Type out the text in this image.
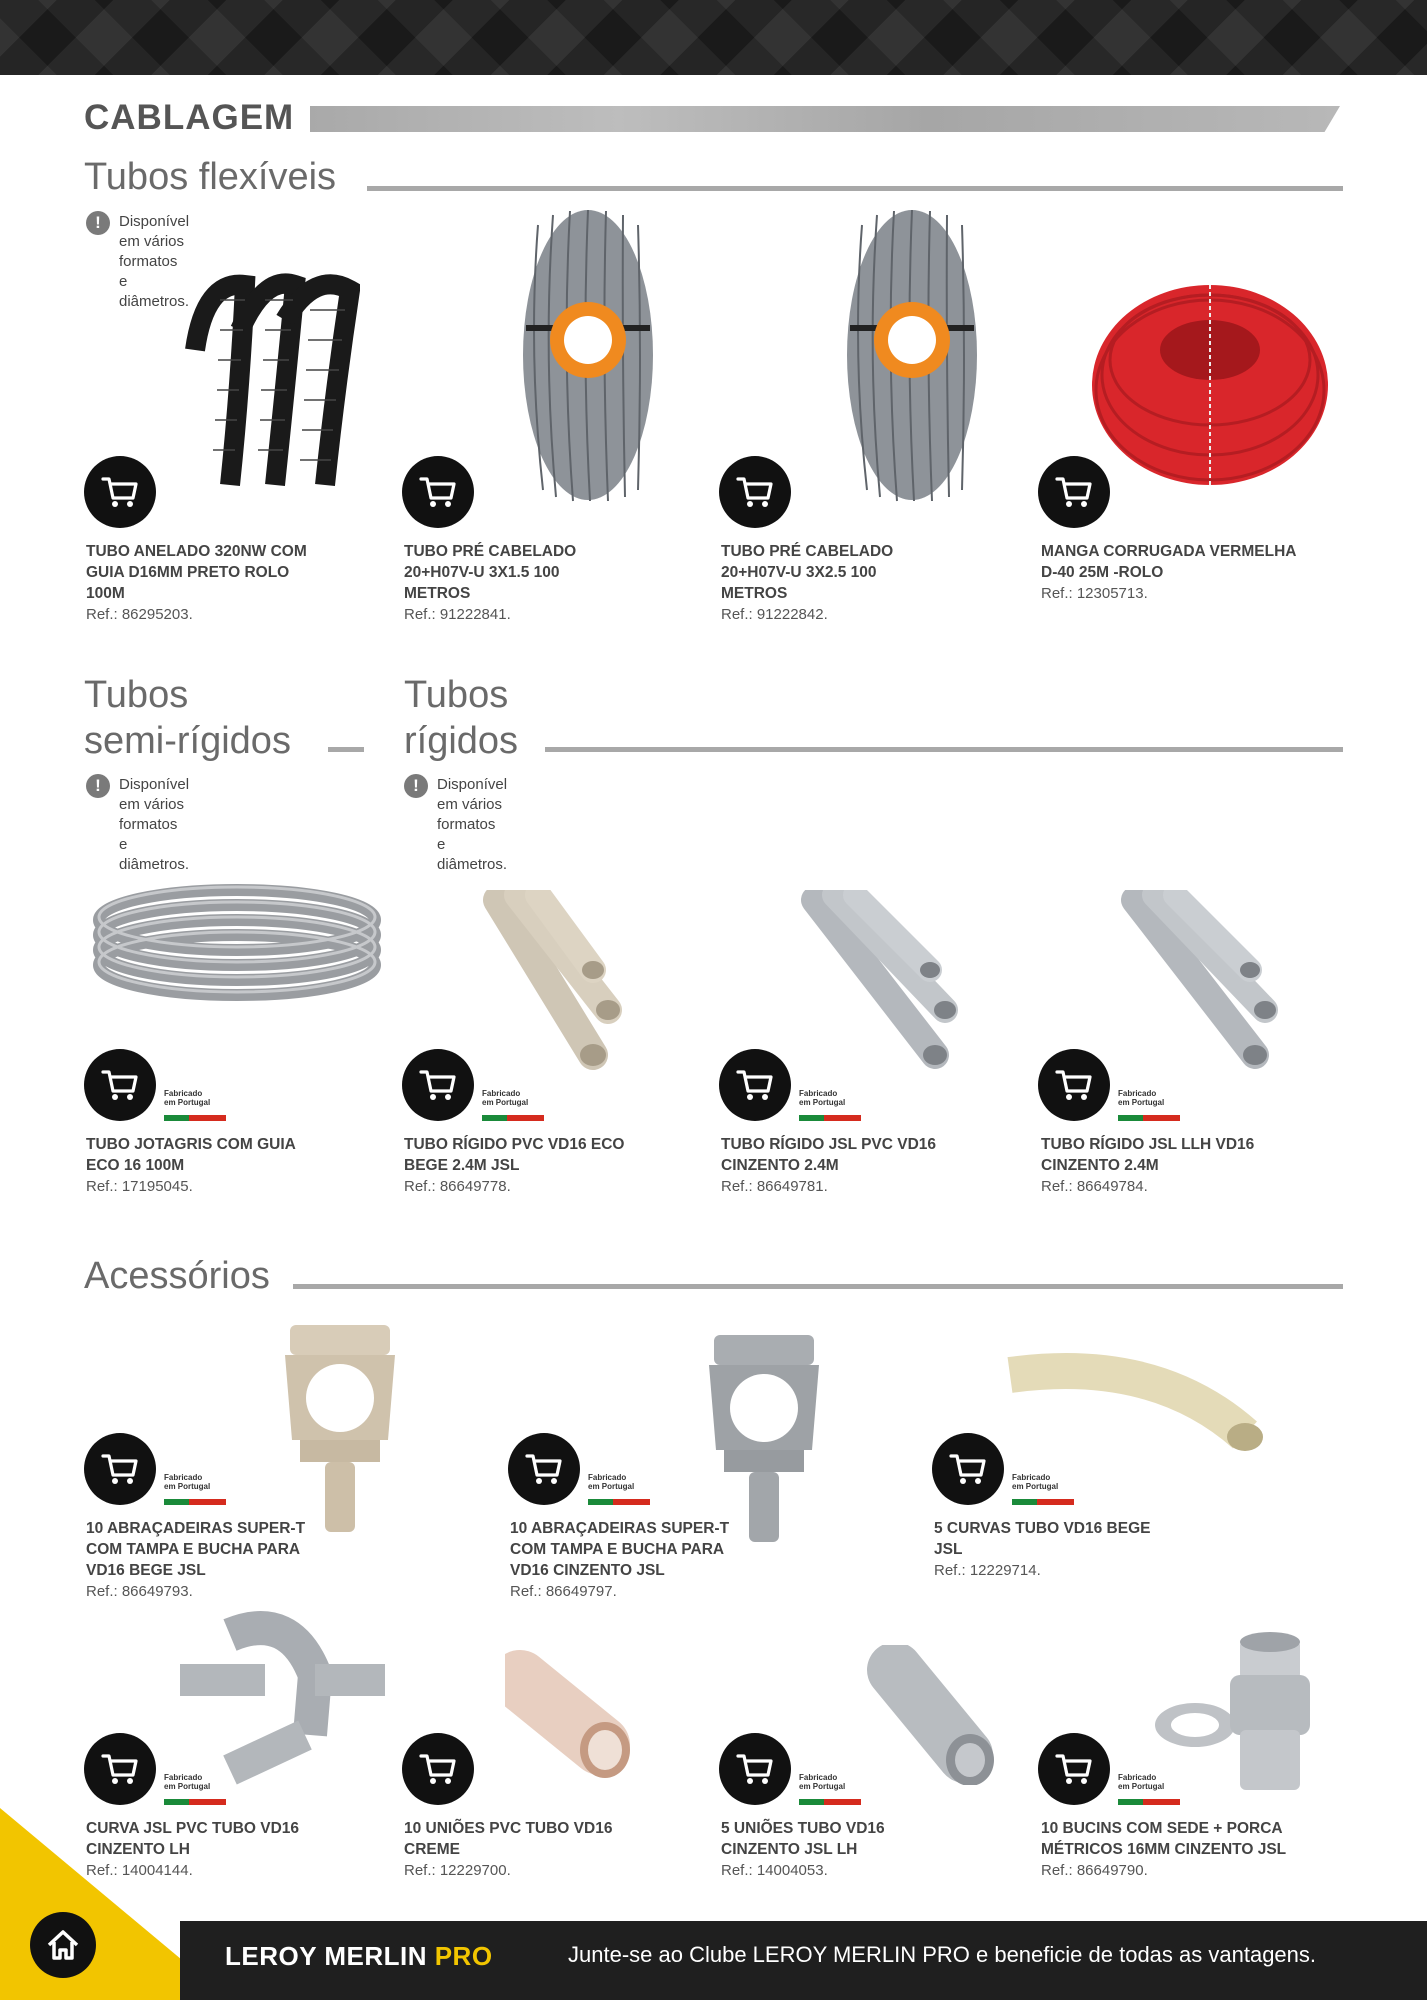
CABLAGEM
Tubos flexíveis
!	Disponível em vários formatos e diâmetros.
Tubos
semi-rígidos
!	Disponível em vários formatos
e diâmetros.
Tubos
rígidos
!	Disponível em vários formatos e diâmetros.
Acessórios
TUBO ANELADO 320NW COM
GUIA D16MM PRETO ROLO
100M
Ref.: 86295203.
TUBO PRÉ CABELADO
20+H07V-U 3X1.5 100
METROS
Ref.: 91222841.
TUBO PRÉ CABELADO
20+H07V-U 3X2.5 100
METROS
Ref.: 91222842.
MANGA CORRUGADA VERMELHA
D-40 25M -ROLO
Ref.: 12305713.
Fabricado
em Portugal
TUBO JOTAGRIS COM GUIA
ECO 16 100M
Ref.: 17195045.
Fabricado
em Portugal
TUBO RÍGIDO PVC VD16 ECO
BEGE 2.4M JSL
Ref.: 86649778.
Fabricado
em Portugal
TUBO RÍGIDO JSL PVC VD16
CINZENTO 2.4M
Ref.: 86649781.
Fabricado
em Portugal
TUBO RÍGIDO JSL LLH VD16
CINZENTO 2.4M
Ref.: 86649784.
Fabricado
em Portugal
10 ABRAÇADEIRAS SUPER-T
COM TAMPA E BUCHA PARA
VD16 BEGE JSL
Ref.: 86649793.
Fabricado
em Portugal
10 ABRAÇADEIRAS SUPER-T
COM TAMPA E BUCHA PARA
VD16 CINZENTO JSL
Ref.: 86649797.
Fabricado
em Portugal
5 CURVAS TUBO VD16 BEGE
JSL
Ref.: 12229714.
Fabricado
em Portugal
CURVA JSL PVC TUBO VD16
CINZENTO LH
Ref.: 14004144.
10 UNIÕES PVC TUBO VD16
CREME
Ref.: 12229700.
Fabricado
em Portugal
5 UNIÕES TUBO VD16
CINZENTO JSL LH
Ref.: 14004053.
Fabricado
em Portugal
10 BUCINS COM SEDE + PORCA
MÉTRICOS 16MM CINZENTO JSL
Ref.: 86649790.
LEROY MERLIN PRO	Junte-se ao Clube LEROY MERLIN PRO e beneficie de todas as vantagens.
